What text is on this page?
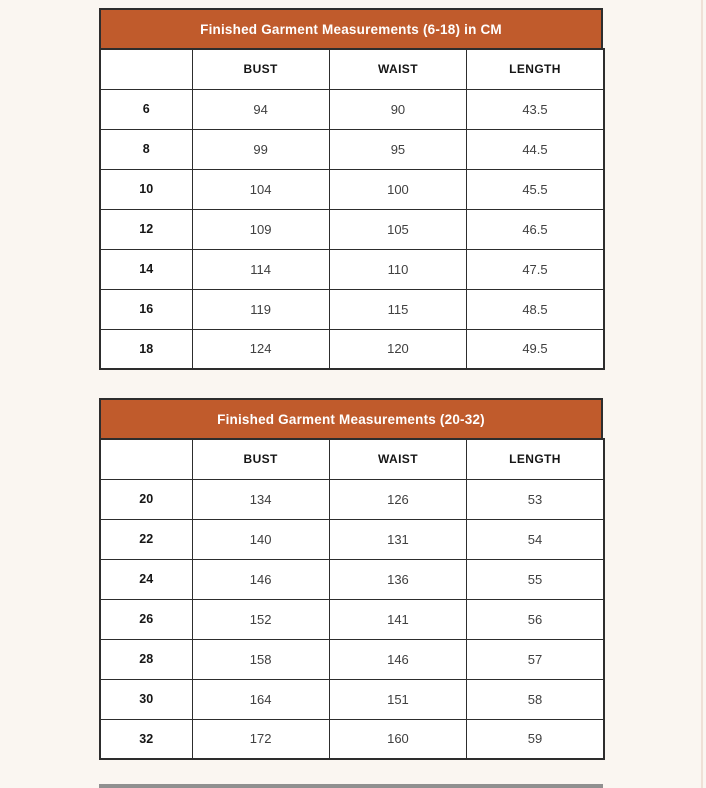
Finished Garment Measurements (6-18) in CM
	BUST	WAIST	LENGTH
6	94	90	43.5
8	99	95	44.5
10	104	100	45.5
12	109	105	46.5
14	114	110	47.5
16	119	115	48.5
18	124	120	49.5
Finished Garment Measurements (20-32)
	BUST	WAIST	LENGTH
20	134	126	53
22	140	131	54
24	146	136	55
26	152	141	56
28	158	146	57
30	164	151	58
32	172	160	59
